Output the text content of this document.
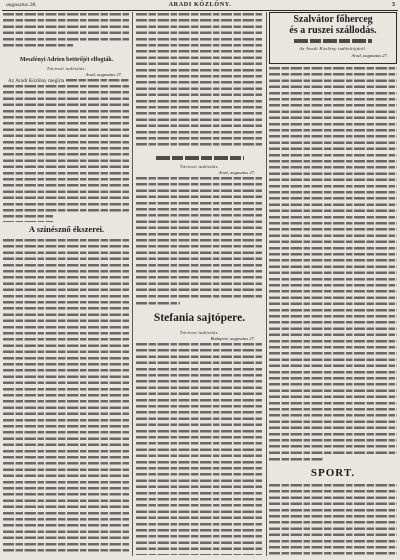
augusztus 28.	ARADI KÖZLÖNY.	3
Meszlényi Adrien betörőjét elfogták.
Távirati tudósítás.
Arad, augusztus 27.
Az Aradi Közlöny megírta
A színésznő ékszerei.
Távirati tudósítás.
Arad, augusztus 27.
Stefania sajtópere.
Távirati tudósítás.
Budapest, augusztus 27.
Szalvátor főherceg
és a ruszei szállodás.
Az Aradi Közlöny tudósítójától.
Arad, augusztus 27.
SPORT.
